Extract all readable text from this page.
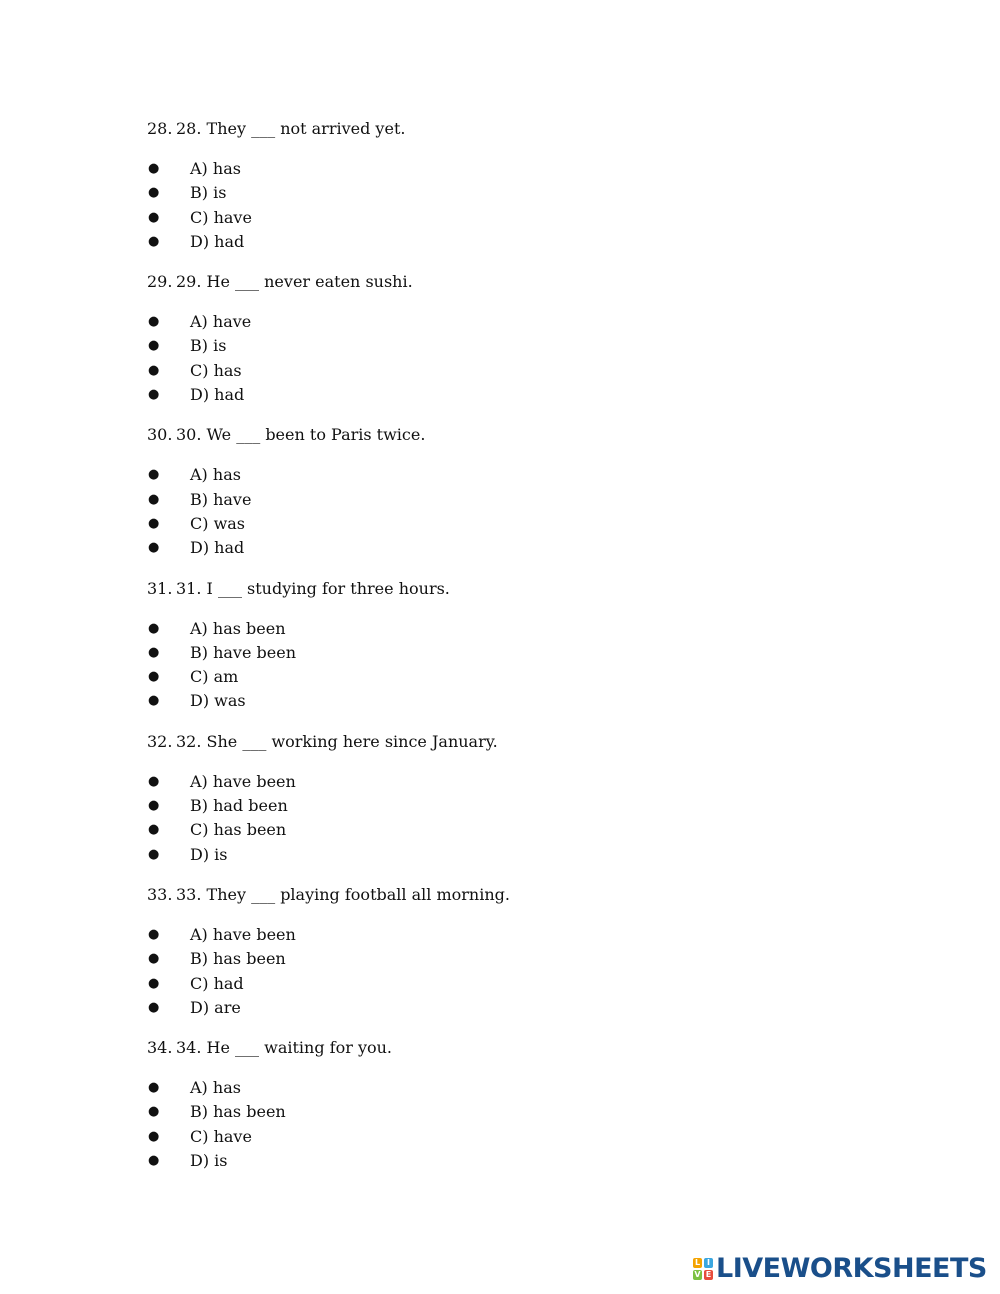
28. 28. They ___ not arrived yet.
●	A) has
●	B) is
●	C) have
●	D) had
29. 29. He ___ never eaten sushi.
●	A) have
●	B) is
●	C) has
●	D) had
30. 30. We ___ been to Paris twice.
●	A) has
●	B) have
●	C) was
●	D) had
31. 31. I ___ studying for three hours.
●	A) has been
●	B) have been
●	C) am
●	D) was
32. 32. She ___ working here since January.
●	A) have been
●	B) had been
●	C) has been
●	D) is
33. 33. They ___ playing football all morning.
●	A) have been
●	B) has been
●	C) had
●	D) are
34. 34. He ___ waiting for you.
●	A) has
●	B) has been
●	C) have
●	D) is
L I
V E LIVEWORKSHEETS
